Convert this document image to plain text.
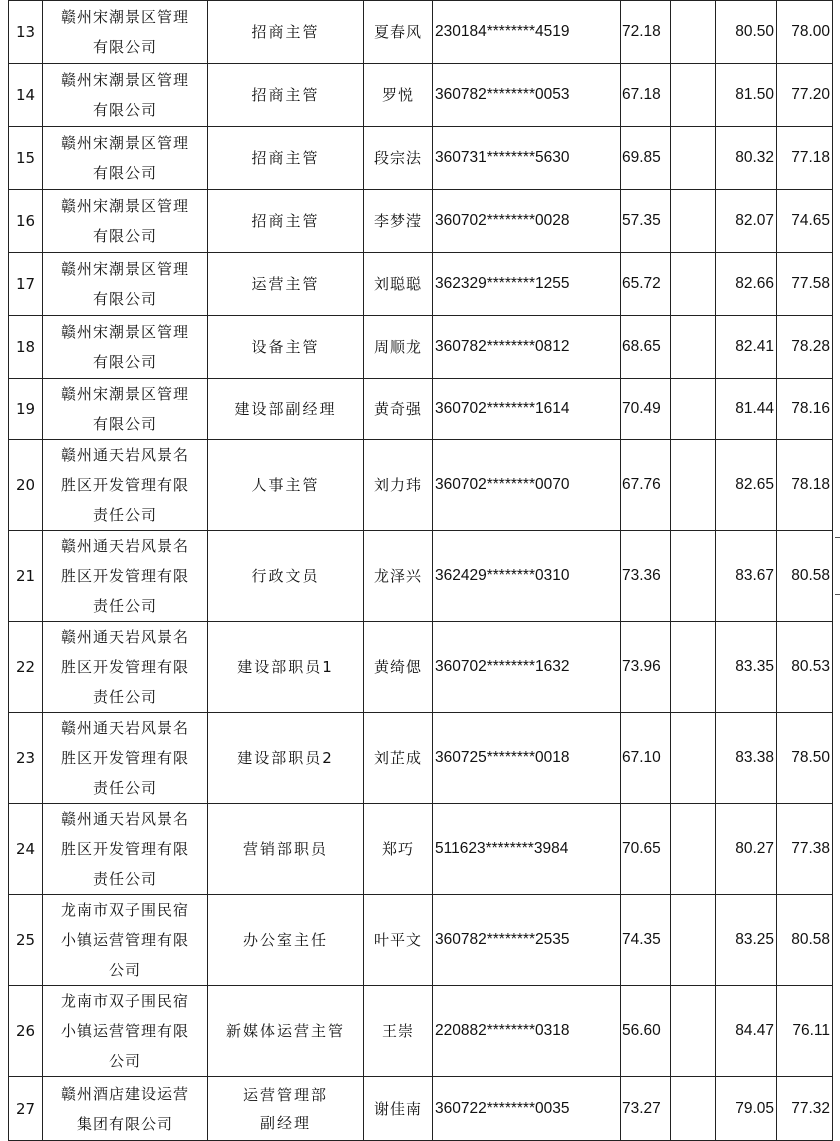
13	赣州宋潮景区管理
有限公司	招商主管	夏春风	230184********4519	72.18		80.50	78.00
14	赣州宋潮景区管理
有限公司	招商主管	罗悦	360782********0053	67.18		81.50	77.20
15	赣州宋潮景区管理
有限公司	招商主管	段宗法	360731********5630	69.85		80.32	77.18
16	赣州宋潮景区管理
有限公司	招商主管	李梦滢	360702********0028	57.35		82.07	74.65
17	赣州宋潮景区管理
有限公司	运营主管	刘聪聪	362329********1255	65.72		82.66	77.58
18	赣州宋潮景区管理
有限公司	设备主管	周顺龙	360782********0812	68.65		82.41	78.28
19	赣州宋潮景区管理
有限公司	建设部副经理	黄奇强	360702********1614	70.49		81.44	78.16
20	赣州通天岩风景名
胜区开发管理有限
责任公司	人事主管	刘力玮	360702********0070	67.76		82.65	78.18
21	赣州通天岩风景名
胜区开发管理有限
责任公司	行政文员	龙泽兴	362429********0310	73.36		83.67	80.58
22	赣州通天岩风景名
胜区开发管理有限
责任公司	建设部职员1	黄绮偲	360702********1632	73.96		83.35	80.53
23	赣州通天岩风景名
胜区开发管理有限
责任公司	建设部职员2	刘芷成	360725********0018	67.10		83.38	78.50
24	赣州通天岩风景名
胜区开发管理有限
责任公司	营销部职员	郑巧	511623********3984	70.65		80.27	77.38
25	龙南市双子围民宿
小镇运营管理有限
公司	办公室主任	叶平文	360782********2535	74.35		83.25	80.58
26	龙南市双子围民宿
小镇运营管理有限
公司	新媒体运营主管	王崇	220882********0318	56.60		84.47	76.11
27	赣州酒店建设运营
集团有限公司	运营管理部
副经理	谢佳南	360722********0035	73.27		79.05	77.32
